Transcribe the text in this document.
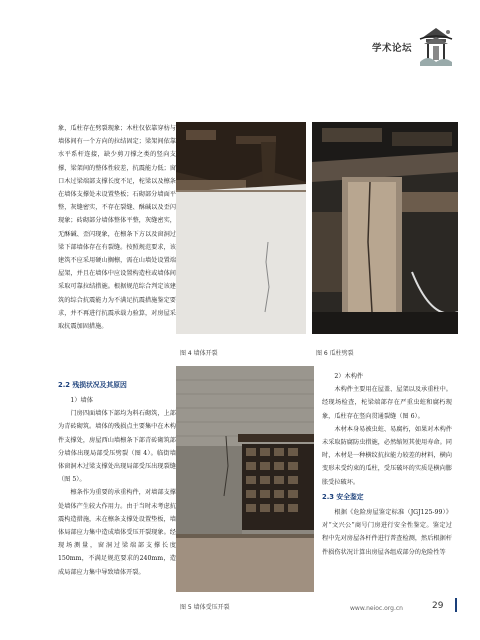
学术论坛

象，瓜柱存在劈裂现象；木柱仅依靠穿枋与墙体间有一个方向的拉结固定；梁架间依靠水平系杆连接，缺少剪刀撑之类的竖向支撑，梁架间的整体性较差，抗震能力低；窗口木过梁端部支撑长度不足，柁梁以及檩条在墙体支撑处未设置垫板；石砌部分墙面平整，灰缝密实，不存在裂缝、酥碱以及歪闪现象；砖砌部分墙体整体平整，灰缝密实，无酥碱、歪闪现象，在檩条下方以及窗洞过梁下部墙体存在有裂缝。按照规范要求，该建筑不应采用硬山搁檩，需在山墙处设置端屋架，并且在墙体中应设置构造柱或墙体间采取可靠拉结措施。根据规范综合判定该建筑的综合抗震能力为不满足抗震措施鉴定要求，并不再进行抗震承载力验算，对房屋采取抗震加固措施。

2.2 残损状况及其原因

1）墙体

门房四面墙体下部均为料石砌筑，上部为青砖砌筑。墙体的残损点主要集中在木构件支撑处，房屋西山墙檩条下部青砖砌筑部分墙体出现局部受压劈裂（图 4）。临街墙体窗洞木过梁支撑处出现局部受压出现裂缝（图 5）。

檩条作为重要的承重构件，对墙部支撑处墙体产生较大作用力。由于当时未考虑抗震构造措施，未在檩条支撑处设置垫板，墙体局部应力集中造成墙体受压开裂现象。经现场测量，窗洞过梁端部支撑长度150mm，不满足规范要求的240mm，造成局部应力集中导致墙体开裂。

图 4 墙体开裂	图 6 瓜柱劈裂
图 5 墙体受压开裂

2）木构件

木构件主要用在屋盖、屋架以及承重柱中。经现场检查，柁梁端部存在严重虫蛀和腐朽现象，瓜柱存在竖向贯通裂缝（图 6）。

木材本身易被虫蛀、易腐朽，如果对木构件未采取防腐防虫措施，必然缩短其使用寿命。同时，木材是一种横纹抗拉能力较差的材料，横向变形未受约束的瓜柱，受压破坏的实质是横向膨胀受拉破坏。

2.3 安全鉴定

根据《危险房屋鉴定标准（JGJ125-99）》对“文兴公”商号门房进行安全性鉴定。鉴定过程中先对房屋各杆件进行普查检测，然后根据杆件损伤状况计算出房屋各组成部分的危险性等

www.neioc.org.cn	29
